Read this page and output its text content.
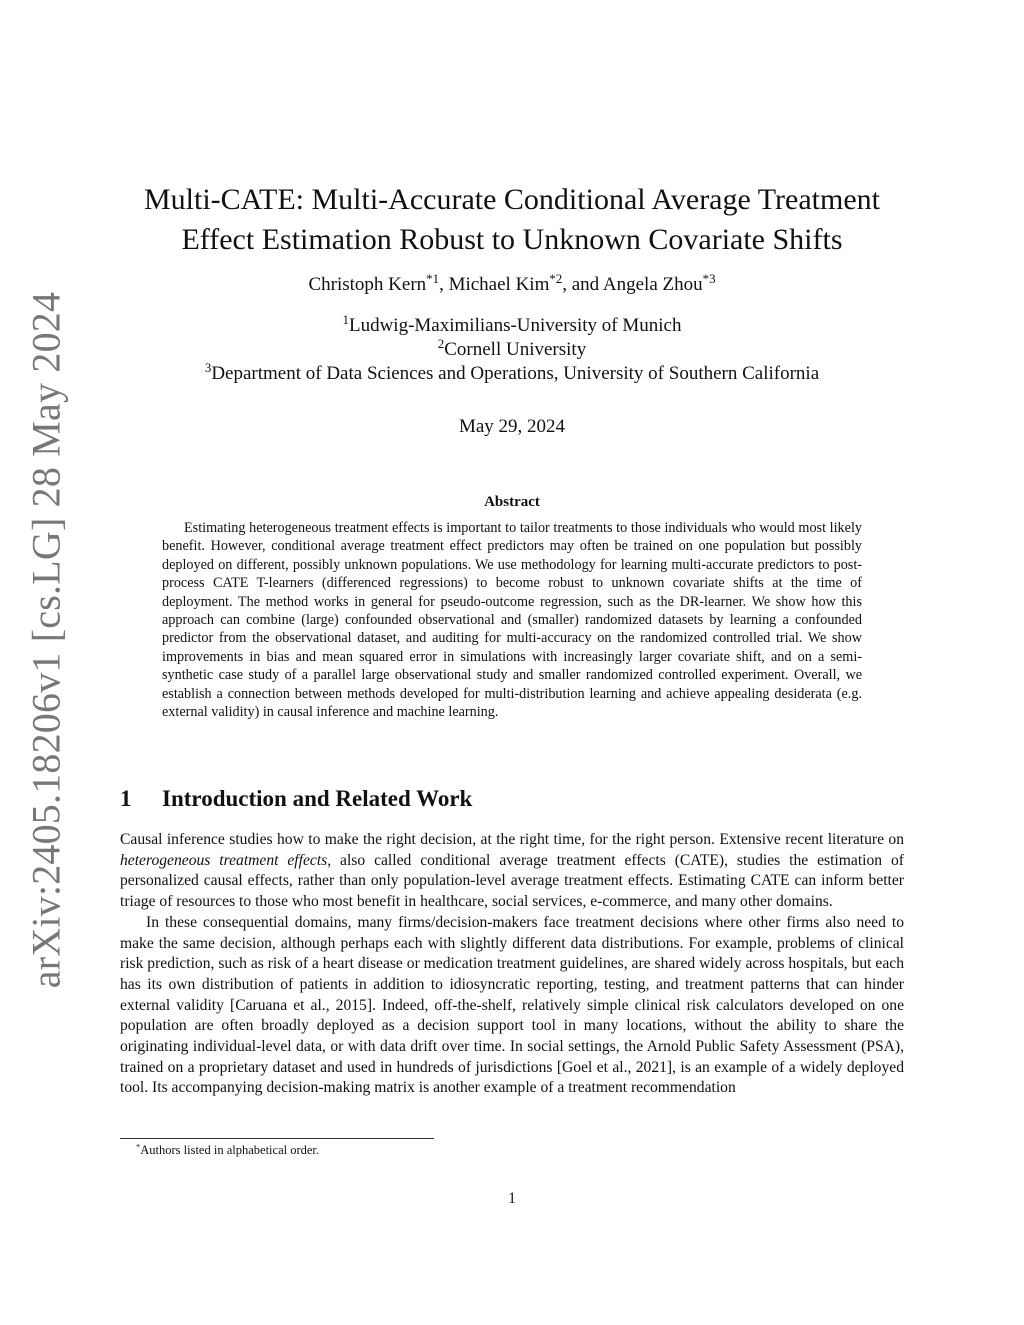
arXiv:2405.18206v1 [cs.LG] 28 May 2024
Multi-CATE: Multi-Accurate Conditional Average Treatment Effect Estimation Robust to Unknown Covariate Shifts
Christoph Kern$^{*1}$, Michael Kim$^{*2}$, and Angela Zhou$^{*3}$
$^1$Ludwig-Maximilians-University of Munich
$^2$Cornell University
$^3$Department of Data Sciences and Operations, University of Southern California
May 29, 2024
Abstract

Estimating heterogeneous treatment effects is important to tailor treatments to those individuals who would most likely benefit. However, conditional average treatment effect predictors may often be trained on one population but possibly deployed on different, possibly unknown populations. We use methodology for learning multi-accurate predictors to post-process CATE T-learners (differenced regressions) to become robust to unknown covariate shifts at the time of deployment. The method works in general for pseudo-outcome regression, such as the DR-learner. We show how this approach can combine (large) confounded observational and (smaller) randomized datasets by learning a confounded predictor from the observational dataset, and auditing for multi-accuracy on the randomized controlled trial. We show improvements in bias and mean squared error in simulations with increasingly larger covariate shift, and on a semi-synthetic case study of a parallel large observational study and smaller randomized controlled experiment. Overall, we establish a connection between methods developed for multi-distribution learning and achieve appealing desiderata (e.g. external validity) in causal inference and machine learning.

1 Introduction and Related Work

Causal inference studies how to make the right decision, at the right time, for the right person. Extensive recent literature on heterogeneous treatment effects, also called conditional average treatment effects (CATE), studies the estimation of personalized causal effects, rather than only population-level average treatment effects. Estimating CATE can inform better triage of resources to those who most benefit in healthcare, social services, e-commerce, and many other domains.

In these consequential domains, many firms/decision-makers face treatment decisions where other firms also need to make the same decision, although perhaps each with slightly different data distributions. For example, problems of clinical risk prediction, such as risk of a heart disease or medication treatment guidelines, are shared widely across hospitals, but each has its own distribution of patients in addition to idiosyncratic reporting, testing, and treatment patterns that can hinder external validity [Caruana et al., 2015]. Indeed, off-the-shelf, relatively simple clinical risk calculators developed on one population are often broadly deployed as a decision support tool in many locations, without the ability to share the originating individual-level data, or with data drift over time. In social settings, the Arnold Public Safety Assessment (PSA), trained on a proprietary dataset and used in hundreds of jurisdictions [Goel et al., 2021], is an example of a widely deployed tool. Its accompanying decision-making matrix is another example of a treatment recommendation

*Authors listed in alphabetical order.
1
